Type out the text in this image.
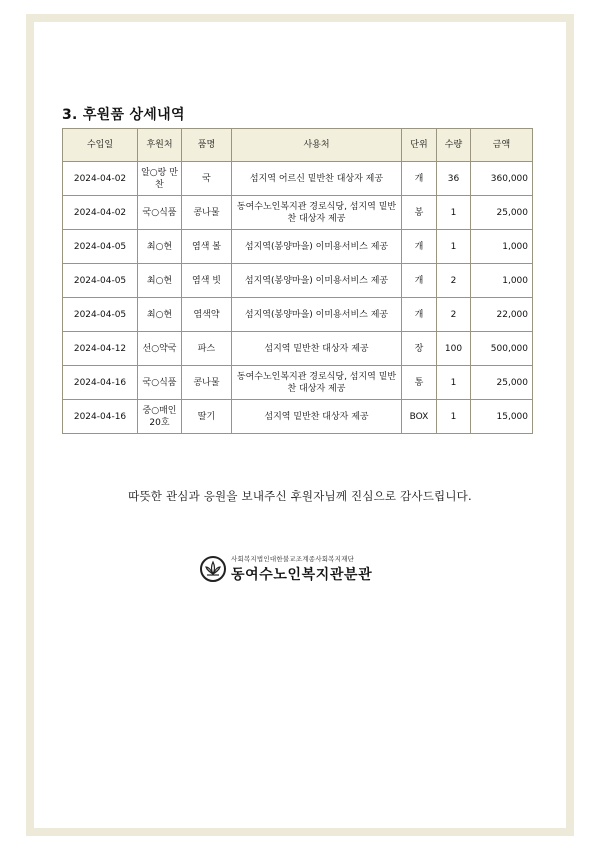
3. 후원품 상세내역
수입일	후원처	품명	사용처	단위	수량	금액
2024-04-02	알○랑 만찬	국	섬지역 어르신 밑반찬 대상자 제공	개	36	360,000
2024-04-02	국○식품	콩나물	동여수노인복지관 경로식당, 섬지역 밑반찬 대상자 제공	봉	1	25,000
2024-04-05	최○현	염색 볼	섬지역(봉양마을) 이미용서비스 제공	개	1	1,000
2024-04-05	최○현	염색 빗	섬지역(봉양마을) 이미용서비스 제공	개	2	1,000
2024-04-05	최○현	염색약	섬지역(봉양마을) 이미용서비스 제공	개	2	22,000
2024-04-12	선○약국	파스	섬지역 밑반찬 대상자 제공	장	100	500,000
2024-04-16	국○식품	콩나물	동여수노인복지관 경로식당, 섬지역 밑반찬 대상자 제공	통	1	25,000
2024-04-16	중○매인20호	딸기	섬지역 밑반찬 대상자 제공	BOX	1	15,000
따뜻한 관심과 응원을 보내주신 후원자님께 진심으로 감사드립니다.
사회복지법인대한불교조계종사회복지재단
동여수노인복지관분관
